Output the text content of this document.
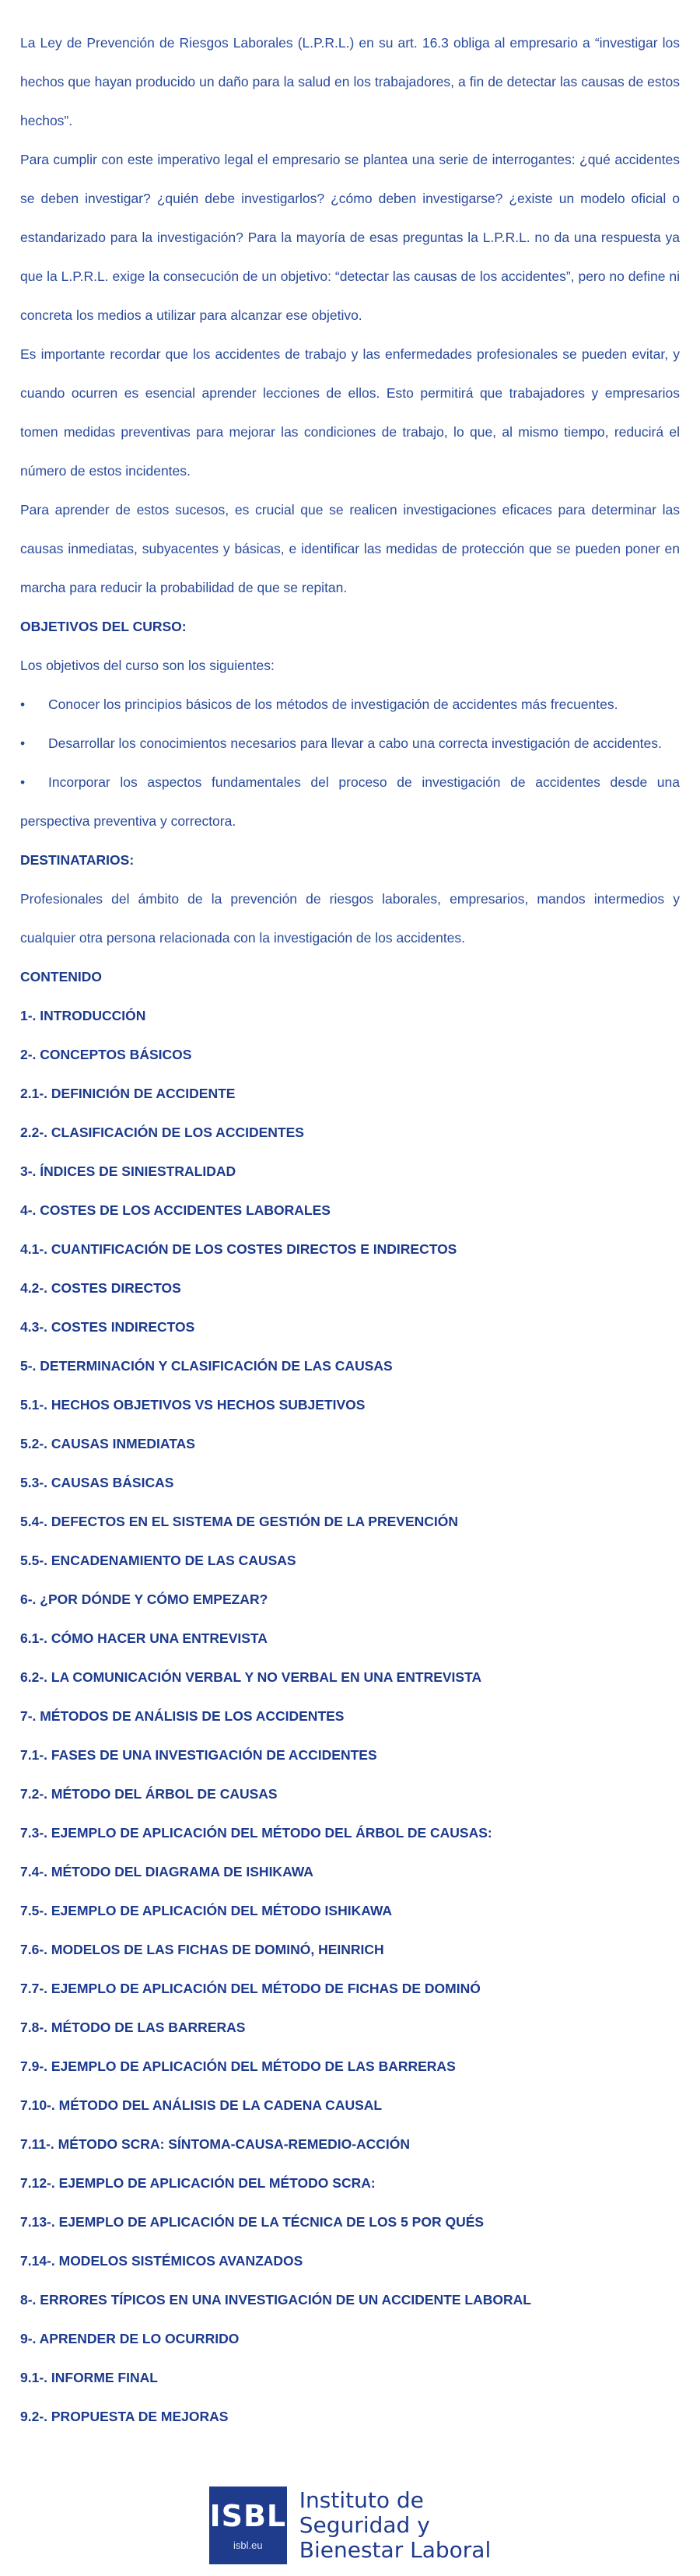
La Ley de Prevención de Riesgos Laborales (L.P.R.L.) en su art. 16.3 obliga al empresario a “investigar los hechos que hayan producido un daño para la salud en los trabajadores, a fin de detectar las causas de estos hechos”.

Para cumplir con este imperativo legal el empresario se plantea una serie de interrogantes: ¿qué accidentes se deben investigar? ¿quién debe investigarlos? ¿cómo deben investigarse? ¿existe un modelo oficial o estandarizado para la investigación? Para la mayoría de esas preguntas la L.P.R.L. no da una respuesta ya que la L.P.R.L. exige la consecución de un objetivo: “detectar las causas de los accidentes”, pero no define ni concreta los medios a utilizar para alcanzar ese objetivo.

Es importante recordar que los accidentes de trabajo y las enfermedades profesionales se pueden evitar, y cuando ocurren es esencial aprender lecciones de ellos. Esto permitirá que trabajadores y empresarios tomen medidas preventivas para mejorar las condiciones de trabajo, lo que, al mismo tiempo, reducirá el número de estos incidentes.

Para aprender de estos sucesos, es crucial que se realicen investigaciones eficaces para determinar las causas inmediatas, subyacentes y básicas, e identificar las medidas de protección que se pueden poner en marcha para reducir la probabilidad de que se repitan.

OBJETIVOS DEL CURSO:

Los objetivos del curso son los siguientes:

• Conocer los principios básicos de los métodos de investigación de accidentes más frecuentes.

• Desarrollar los conocimientos necesarios para llevar a cabo una correcta investigación de accidentes.

• Incorporar los aspectos fundamentales del proceso de investigación de accidentes desde una perspectiva preventiva y correctora.

DESTINATARIOS:

Profesionales del ámbito de la prevención de riesgos laborales, empresarios, mandos intermedios y cualquier otra persona relacionada con la investigación de los accidentes.

CONTENIDO

1-. INTRODUCCIÓN

2-. CONCEPTOS BÁSICOS

2.1-. DEFINICIÓN DE ACCIDENTE

2.2-. CLASIFICACIÓN DE LOS ACCIDENTES

3-. ÍNDICES DE SINIESTRALIDAD

4-. COSTES DE LOS ACCIDENTES LABORALES

4.1-. CUANTIFICACIÓN DE LOS COSTES DIRECTOS E INDIRECTOS

4.2-. COSTES DIRECTOS

4.3-. COSTES INDIRECTOS

5-. DETERMINACIÓN Y CLASIFICACIÓN DE LAS CAUSAS

5.1-. HECHOS OBJETIVOS VS HECHOS SUBJETIVOS

5.2-. CAUSAS INMEDIATAS

5.3-. CAUSAS BÁSICAS

5.4-. DEFECTOS EN EL SISTEMA DE GESTIÓN DE LA PREVENCIÓN

5.5-. ENCADENAMIENTO DE LAS CAUSAS

6-. ¿POR DÓNDE Y CÓMO EMPEZAR?

6.1-. CÓMO HACER UNA ENTREVISTA

6.2-. LA COMUNICACIÓN VERBAL Y NO VERBAL EN UNA ENTREVISTA

7-. MÉTODOS DE ANÁLISIS DE LOS ACCIDENTES

7.1-. FASES DE UNA INVESTIGACIÓN DE ACCIDENTES

7.2-. MÉTODO DEL ÁRBOL DE CAUSAS

7.3-. EJEMPLO DE APLICACIÓN DEL MÉTODO DEL ÁRBOL DE CAUSAS:

7.4-. MÉTODO DEL DIAGRAMA DE ISHIKAWA

7.5-. EJEMPLO DE APLICACIÓN DEL MÉTODO ISHIKAWA

7.6-. MODELOS DE LAS FICHAS DE DOMINÓ, HEINRICH

7.7-. EJEMPLO DE APLICACIÓN DEL MÉTODO DE FICHAS DE DOMINÓ

7.8-. MÉTODO DE LAS BARRERAS

7.9-. EJEMPLO DE APLICACIÓN DEL MÉTODO DE LAS BARRERAS

7.10-. MÉTODO DEL ANÁLISIS DE LA CADENA CAUSAL

7.11-. MÉTODO SCRA: SÍNTOMA-CAUSA-REMEDIO-ACCIÓN

7.12-. EJEMPLO DE APLICACIÓN DEL MÉTODO SCRA:

7.13-. EJEMPLO DE APLICACIÓN DE LA TÉCNICA DE LOS 5 POR QUÉS

7.14-. MODELOS SISTÉMICOS AVANZADOS

8-. ERRORES TÍPICOS EN UNA INVESTIGACIÓN DE UN ACCIDENTE LABORAL

9-. APRENDER DE LO OCURRIDO

9.1-. INFORME FINAL

9.2-. PROPUESTA DE MEJORAS

ISBL
isbl.eu
Instituto de
Seguridad y
Bienestar Laboral
